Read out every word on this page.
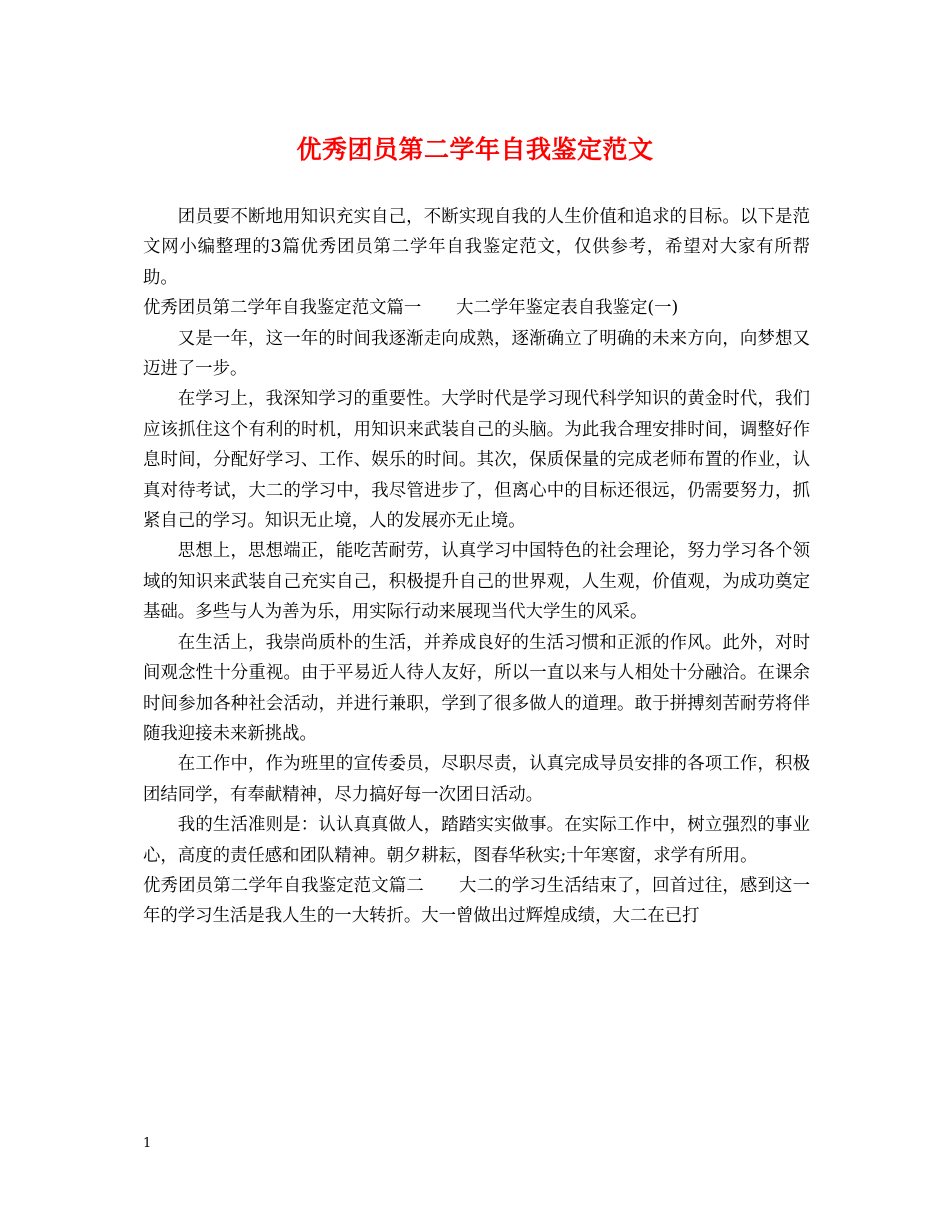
优秀团员第二学年自我鉴定范文

团员要不断地用知识充实自己，不断实现自我的人生价值和追求的目标。以下是范文网小编整理的3篇优秀团员第二学年自我鉴定范文，仅供参考，希望对大家有所帮助。

优秀团员第二学年自我鉴定范文篇一　　大二学年鉴定表自我鉴定(一)

又是一年，这一年的时间我逐渐走向成熟，逐渐确立了明确的未来方向，向梦想又迈进了一步。

在学习上，我深知学习的重要性。大学时代是学习现代科学知识的黄金时代，我们应该抓住这个有利的时机，用知识来武装自己的头脑。为此我合理安排时间，调整好作息时间，分配好学习、工作、娱乐的时间。其次，保质保量的完成老师布置的作业，认真对待考试，大二的学习中，我尽管进步了，但离心中的目标还很远，仍需要努力，抓紧自己的学习。知识无止境，人的发展亦无止境。

思想上，思想端正，能吃苦耐劳，认真学习中国特色的社会理论，努力学习各个领域的知识来武装自己充实自己，积极提升自己的世界观，人生观，价值观，为成功奠定基础。多些与人为善为乐，用实际行动来展现当代大学生的风采。

在生活上，我崇尚质朴的生活，并养成良好的生活习惯和正派的作风。此外，对时间观念性十分重视。由于平易近人待人友好，所以一直以来与人相处十分融洽。在课余时间参加各种社会活动，并进行兼职，学到了很多做人的道理。敢于拼搏刻苦耐劳将伴随我迎接未来新挑战。

在工作中，作为班里的宣传委员，尽职尽责，认真完成导员安排的各项工作，积极团结同学，有奉献精神，尽力搞好每一次团日活动。

我的生活准则是：认认真真做人，踏踏实实做事。在实际工作中，树立强烈的事业心，高度的责任感和团队精神。朝夕耕耘，图春华秋实;十年寒窗，求学有所用。

优秀团员第二学年自我鉴定范文篇二　　大二的学习生活结束了，回首过往，感到这一年的学习生活是我人生的一大转折。大一曾做出过辉煌成绩，大二在已打

1
